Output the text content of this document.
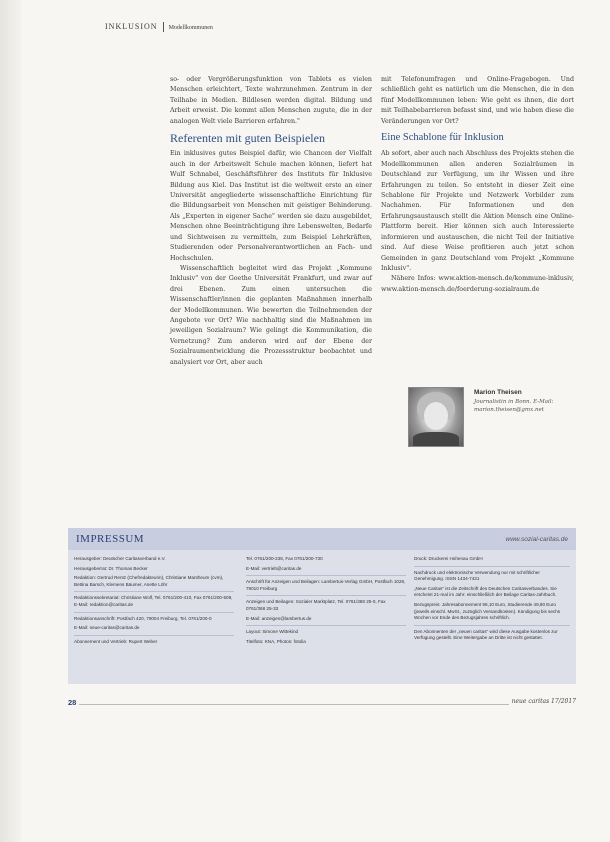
INKLUSION Modellkommunen

so- oder Vergrößerungsfunktion von Tablets es vielen Menschen erleichtert, Texte wahrzunehmen. Zentrum in der Teilhabe in Medien. Bildlesen werden digital. Bildung und Arbeit erweist. Die kommt allen Menschen zugute, die in der analogen Welt viele Barrieren erfahren."

Referenten mit guten Beispielen

Ein inklusives gutes Beispiel dafür, wie Chancen der Vielfalt auch in der Arbeitswelt Schule machen können, liefert hat Wulf Schnabel, Geschäftsführer des Instituts für Inklusive Bildung aus Kiel. Das Institut ist die weltweit erste an einer Universität angegliederte wissenschaftliche Einrichtung für die Bildungsarbeit von Menschen mit geistiger Behinderung. Als „Experten in eigener Sache" werden sie dazu ausgebildet, Menschen ohne Beeinträchtigung ihre Lebenswelten, Bedarfe und Sichtweisen zu vermitteln, zum Beispiel Lehrkräften, Studierenden oder Personalverantwortlichen an Fach- und Hochschulen.

Wissenschaftlich begleitet wird das Projekt „Kommune Inklusiv" von der Goethe Universität Frankfurt, und zwar auf drei Ebenen. Zum einen untersuchen die Wissenschaftler/innen die geplanten Maßnahmen innerhalb der Modellkommunen. Wie bewerten die Teilnehmenden der Angebote vor Ort? Wie nachhaltig sind die Maßnahmen im jeweiligen Sozialraum? Wie gelingt die Kommunikation, die Vernetzung? Zum anderen wird auf der Ebene der Sozialraumentwicklung die Prozessstruktur beobachtet und analysiert vor Ort, aber auch

mit Telefonumfragen und Online-Fragebogen. Und schließlich geht es natürlich um die Menschen, die in den fünf Modellkommunen leben: Wie geht es ihnen, die dort mit Teilhabebarrieren befasst sind, und wie haben diese die Veränderungen vor Ort?

Eine Schablone für Inklusion

Ab sofort, aber auch nach Abschluss des Projekts stehen die Modellkommunen allen anderen Sozialräumen in Deutschland zur Verfügung, um ihr Wissen und ihre Erfahrungen zu teilen. So entsteht in dieser Zeit eine Schablone für Projekte und Netzwerk Vorbilder zum Nachahmen. Für Informationen und den Erfahrungsaustausch stellt die Aktion Mensch eine Online-Plattform bereit. Hier können sich auch Interessierte informieren und austauschen, die nicht Teil der Initiative sind. Auf diese Weise profitieren auch jetzt schon Gemeinden in ganz Deutschland vom Projekt „Kommune Inklusiv".

Nähere Infos: www.aktion-mensch.de/kommune-inklusiv, www.aktion-mensch.de/foerderung-sozialraum.de

Marion Theisen
Journalistin in Bonn. E-Mail: marion.theisen@gmx.net
IMPRESSUM	www.sozial-caritas.de

Herausgeber: Deutscher Caritasverband e.V.

Herausgeberrat: Dr. Thomas Becker

Redaktion: Gertrud Rentz (Chefredakteurin), Christiane Mantheum (cvm), Bettina Barsch, Klemens Bäumer, Anette Löhr

Redaktionssekretariat: Christiane Wolf, Tel. 0761/200-410, Fax 0761/200-509, E-Mail: redaktion@caritas.de

Redaktionsanschrift: Postfach 420, 79004 Freiburg, Tel. 0761/200-0

E-Mail: neue-caritas@caritas.de

Abonnement und Vertrieb: Rupert Weber

Tel. 0761/200-238, Fax 0761/200-730

E-Mail: vertrieb@caritas.de

Anschrift für Anzeigen und Beilagen: Lambertus-Verlag GmbH, Postfach 1026, 79010 Freiburg

Anzeigen und Beilagen: Sozialer Marktplatz, Tel. 0761/368 25-0, Fax 0761/368 25-33

E-Mail: anzeigen@lambertus.de

Layout: Simone Wittekind

Titelfoto: KNA, Photos: fotolia

Druck: Druckerei Hohenau GmbH

Nachdruck und elektronische Verwendung nur mit schriftlicher Genehmigung. ISSN 1434-7431

„Neue Caritas" ist die Zeitschrift des Deutschen Caritasverbandes. Sie erscheint 21-mal im Jahr: einschließlich der Beilage Caritas-Jahrbuch.

Bezugspreis: Jahresabonnement 98,10 Euro, Studierende 49,80 Euro (jeweils einschl. MwSt., zuzüglich Versandkosten). Kündigung bis sechs Wochen vor Ende des Bezugsjahres schriftlich.

Den Abonnenten der „neuen caritas" wird diese Ausgabe kostenlos zur Verfügung gestellt. Eine Weitergabe an Dritte ist nicht gestattet.

28	neue caritas 17/2017
